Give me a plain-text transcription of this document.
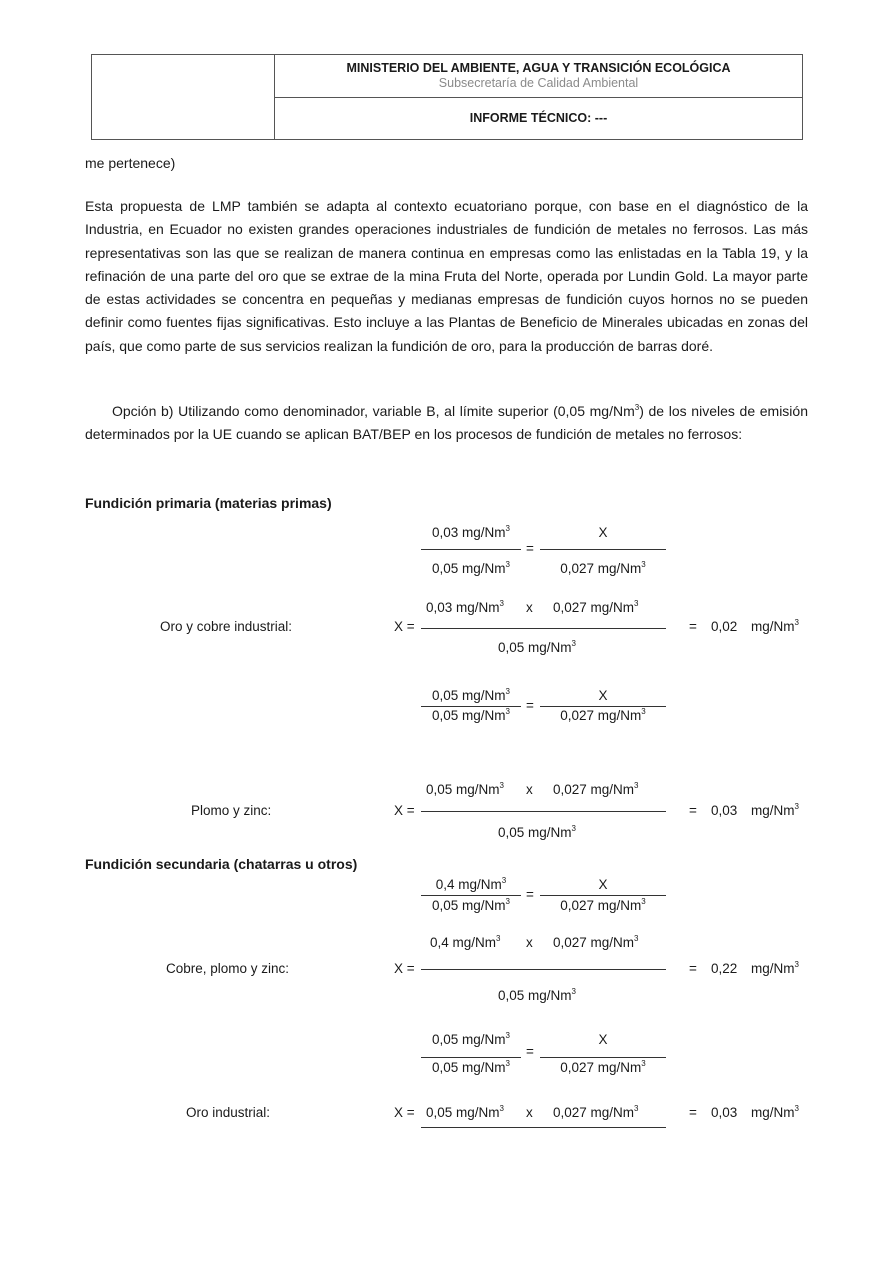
MINISTERIO DEL AMBIENTE, AGUA Y TRANSICIÓN ECOLÓGICA
Subsecretaría de Calidad Ambiental
INFORME TÉCNICO: ---
me pertenece)
Esta propuesta de LMP también se adapta al contexto ecuatoriano porque, con base en el diagnóstico de la Industria, en Ecuador no existen grandes operaciones industriales de fundición de metales no ferrosos. Las más representativas son las que se realizan de manera continua en empresas como las enlistadas en la Tabla 19, y la refinación de una parte del oro que se extrae de la mina Fruta del Norte, operada por Lundin Gold. La mayor parte de estas actividades se concentra en pequeñas y medianas empresas de fundición cuyos hornos no se pueden definir como fuentes fijas significativas. Esto incluye a las Plantas de Beneficio de Minerales ubicadas en zonas del país, que como parte de sus servicios realizan la fundición de oro, para la producción de barras doré.
Opción b) Utilizando como denominador, variable B, al límite superior (0,05 mg/Nm$^3$) de los niveles de emisión determinados por la UE cuando se aplican BAT/BEP en los procesos de fundición de metales no ferrosos:
Fundición primaria (materias primas)
0,03 $mg/Nm^3$
=
X
0,05 mg/Nm$^3$	0,027 mg/Nm$^3$
Oro y cobre industrial:	X =
0,03 mg/Nm$^3$ x 0,027 mg/Nm$^3$
0,05 $mg/Nm^3$
= 0,02 mg/Nm$^3$
0,05 $mg/Nm^3$
=
X
0,05 mg/Nm$^3$	0,027 mg/Nm$^3$
Plomo y zinc:	X =
0,05 mg/Nm$^3$ x 0,027 mg/Nm$^3$
0,05 $mg/Nm^3$
= 0,03 mg/Nm$^3$
Fundición secundaria (chatarras u otros)
0,4 $mg/Nm^3$
=
X
0,05 mg/Nm$^3$	0,027 mg/Nm$^3$
Cobre, plomo y zinc:	X =
0,4 mg/Nm$^3$ x 0,027 mg/Nm$^3$
0,05 $mg/Nm^3$
= 0,22 mg/Nm$^3$
0,05 $mg/Nm^3$
=
X
0,05 mg/Nm$^3$	0,027 mg/Nm$^3$
Oro industrial:	X = 0,05 mg/Nm$^3$ x 0,027 $mg/Nm^3$	= 0,03 mg/Nm$^3$
